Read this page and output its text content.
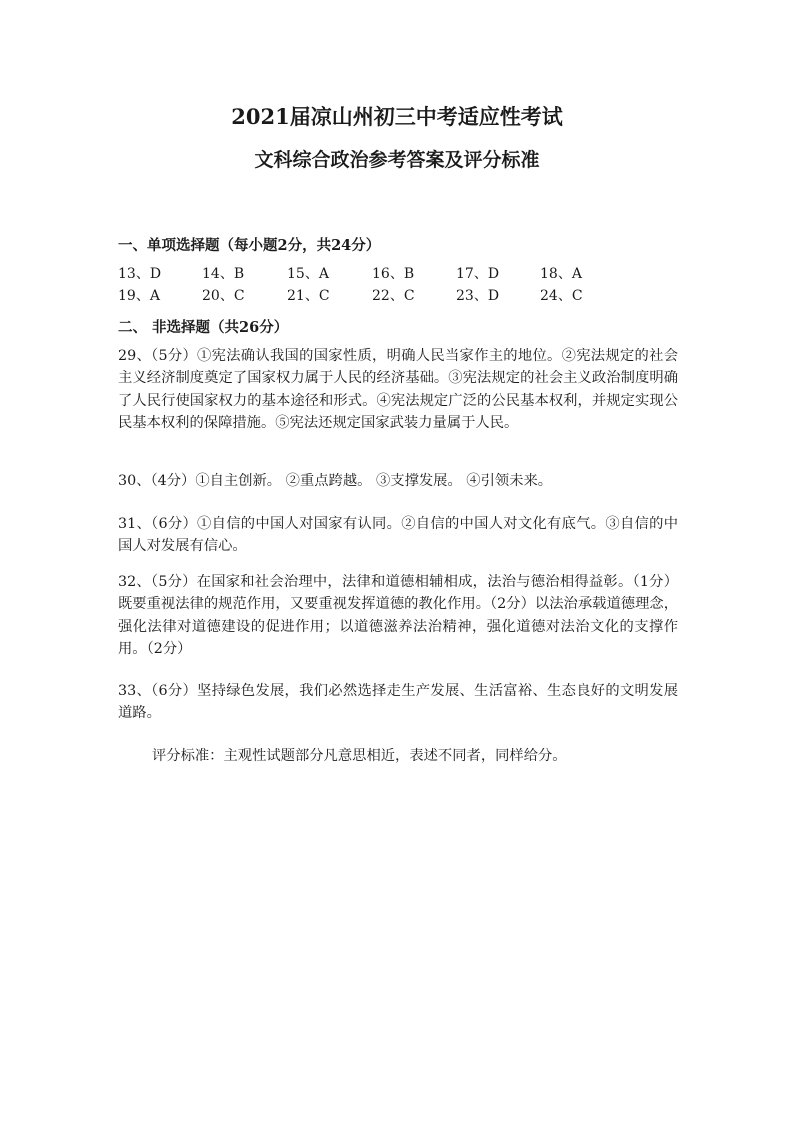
2021届凉山州初三中考适应性考试
文科综合政治参考答案及评分标准
一、单项选择题（每小题2分，共24分）
13、D	14、B	15、A	16、B	17、D	18、A
19、A	20、C	21、C	22、C	23、D	24、C
二、 非选择题（共26分）
29、（5分）①宪法确认我国的国家性质，明确人民当家作主的地位。②宪法规定的社会主义经济制度奠定了国家权力属于人民的经济基础。③宪法规定的社会主义政治制度明确了人民行使国家权力的基本途径和形式。④宪法规定广泛的公民基本权利，并规定实现公民基本权利的保障措施。⑤宪法还规定国家武装力量属于人民。
30、（4分）①自主创新。 ②重点跨越。 ③支撑发展。 ④引领未来。
31、（6分）①自信的中国人对国家有认同。②自信的中国人对文化有底气。③自信的中国人对发展有信心。
32、（5分）在国家和社会治理中，法律和道德相辅相成，法治与德治相得益彰。（1分）既要重视法律的规范作用，又要重视发挥道德的教化作用。（2分）以法治承载道德理念，强化法律对道德建设的促进作用；以道德滋养法治精神，强化道德对法治文化的支撑作用。（2分）
33、（6分）坚持绿色发展，我们必然选择走生产发展、生活富裕、生态良好的文明发展道路。
评分标准：主观性试题部分凡意思相近，表述不同者，同样给分。
